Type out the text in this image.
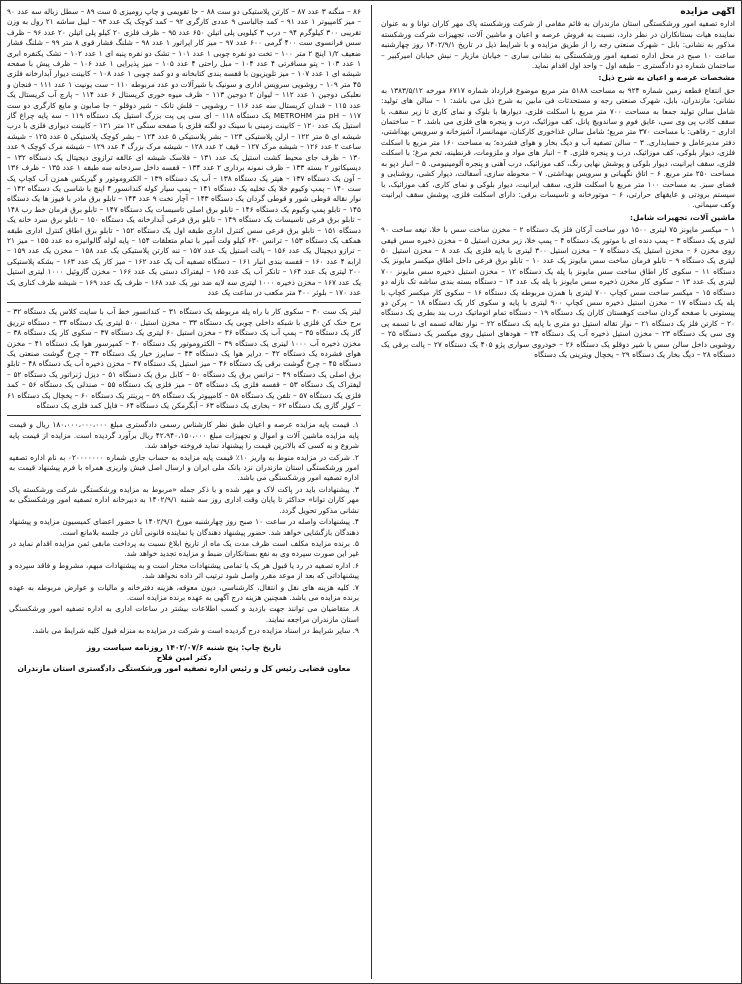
آگهی مزایده
اداره تصفیه امور ورشکستگی استان مازندران به قائم مقامی از شرکت ورشکسته پاک مهر کاران توانا و به عنوان نماینده هیات بستانکاران در نظر دارد، نسبت به فروش عرصه و اعیان و ماشین آلات، تجهیزات شرکت ورشکسته مذکور به نشانی: بابل – شهرک صنعتی رجه را از طریق مزایده و با شرایط ذیل در تاریخ ۱۴۰۲/۹/۱ روز چهارشنبه ساعت ۱۰ صبح در محل اداره تصفیه امور ورشکستگی به نشانی ساری – خیابان مازیار – نبش خیابان امیرکبیر – ساختمان شماره دو دادگستری – طبقه اول – واحد اول اقدام نماید.
مشخصات عرصه و اعیان به شرح ذیل:
حق انتفاع قطعه زمین شماره ۹۲۴ به مساحت ۵۱۸۸ متر مربع موضوع قرارداد شماره ۶۷۱۷ مورخه ۱۳۸۳/۵/۱۲ به نشانی: مازندران، بابل، شهرک صنعتی رجه و مستحدثات فی مابین به شرح ذیل می باشد: ۱ – سالن های تولید: شامل سالن تولید جمعا به مساحت ۷۰۰ متر مربع با اسکلت فلزی، دیوارها با بلوک و نمای کاری تا زیر سقف، با سقف کاذب پی وی سی، عایق فوم و ساندویچ پانل، کف موزائیک، درب و پنجره های فلزی می باشد. ۲ – ساختمان اداری – رفاهی: با مساحت ۳۷۰ متر مربع؛ شامل سالن غذاخوری کارکنان، مهمانسرا، آشپزخانه و سرویس بهداشتی، دفتر مدیرعامل و حسابداری. ۳ – سالن تصفیه آب و دیگ بخار و هوای فشرده؛ به مساحت ۱۶۰ متر مربع با اسکلت فلزی، دیوار بلوکی، کف موزائیک، درب و پنجره فلزی. ۴ – انبار های مواد و ملزومات، قرنطینه، تخم مرغ؛ با اسکلت فلزی، سقف ایرانیت، دیوار بلوکی و پوشش نهایی رنگ، کف موزائیک، درب آهنی و پنجره آلومینیومی. ۵ – انبار دپو به مساحت ۲۵۰ متر مربع. ۶ – اتاق نگهبانی و سرویس بهداشتی. ۷ – محوطه سازی، آسفالت، دیوار کشی، روشنایی و فضای سبز. به مساحت ۱۰۰ متر مربع با اسکلت فلزی، سقف ایرانیت، دیوار بلوکی و نمای کاری، کف موزائیک، با سیستم برودتی و عایقهای حرارتی، ۶ – موتورخانه و تاسیسات برقی: دارای اسکلت فلزی، پوشش سقف ایرانیت وکف سیمانی.
ماشین آلات، تجهیزات شامل:
۱ – میکسر مایونز ۷۵ لیتری ۱۵۰۰ دور ساخت آرکان فلز یک دستگاه ۲ – مخزن ساخت سس با خلا، تیغه ساخت ۹۰ لیتری یک دستگاه ۳ – پمپ دنده ای با موتور یک دستگاه ۴ – پمپ خلا، زیر مخزن استیل ۵ – مخزن ذخیره سس قیفی روی مخزن ۶ – مخزن استیل یک دستگاه ۷ – مخزن استیل ۳۰۰ لیتری با پایه فلزی یک عدد ۸ – مخزن استیل ۵۰ لیتری یک دستگاه ۹ – تابلو فرمان ساخت سس مایونز یک عدد ۱۰ – تابلو برق فرعی داخل اطاق میکسر مایونز یک دستگاه ۱۱ – سکوی کار اطاق ساخت سس مایونز با پله یک دستگاه ۱۲ – مخزن استیل ذخیره سس مایونز ۷۰۰ لیتری یک عدد ۱۳ – سکوی کار مخزن ذخیره سس مایونز با پله یک عدد ۱۴ – دستگاه بسته بندی ساشه تک نازله دو دستگاه ۱۵ – میکسر ساخت سس کچاپ ۷۰۰ لیتری با همزن مربوطه یک دستگاه ۱۶ – سکوی کار میکسر کچاپ با پله یک دستگاه ۱۷ – مخزن استیل ذخیره سس کچاپ ۹۰۰ لیتری با پایه و سکوی کار یک دستگاه ۱۸ – پرکن دو پیستونی با صفحه گردان ساخت کوهستان کاران یک دستگاه ۱۹ – دستگاه تمام اتوماتیک درب بند بطری یک دستگاه ۲۰ – کارتن فلز یک دستگاه ۲۱ – نوار نقاله استیل دو متری با پایه یک دستگاه ۲۲ – نوار نقاله تسمه ای با تسمه پی وی سی یک دستگاه ۲۳ – مخزن استیل ذخیره آب یک دستگاه ۲۴ – هودهای استیل روی میکسر یک دستگاه ۲۵ – روشویی داخل سالن سس با شیر دوقلو یک دستگاه ۲۶ – خودروی سواری پژو ۴۰۵ یک دستگاه ۲۷ – پالت برقی یک دستگاه ۲۸ – دیگ بخار یک دستگاه ۲۹ – یخچال ویترینی یک دستگاه
۸۶ – منگنه ۳ عدد ۸۷ – کارتن پلاستیکی دو ست ۸۸ – جا تقویمی و چاپ رومیزی ۵ ست ۸۹ – سطل زباله سه عدد ۹۰ – میز کامپیوتر ۱ عدد ۹۱ – کمد جالباسی ۹ عددی کارگری ۹۲ – کمد کوچک یک عدد ۹۳ – لیبل ساشه ۲۱ رول به وزن تقریبی ۳۰۰ کیلوگرم ۹۴ – درب ۳ کیلویی پلی اتیلن ۶۵۰ عدد ۹۵ – ظرف فلزی ۲۰ کیلو پلی اتیلن ۲۰ عدد ۹۶ – ظرف سس فرانسوی ست ۴۰۰ گرمی ۶۰۰ عدد ۹۷ – میز کار اپراتور ۱ عدد ۹۸ – شلنگ فشار قوی ۸ متر ۹۹ – شلنگ فشار ضعیف ۱/۲ اینچ ۲ متر ۱۰۰ – تخت دو نفره چوبی ۱ عدد ۱۰۱ – تشک دو نفره پنبه ای ۱ عدد ۱۰۲ – تشک یکنفره ابری ۱ عدد ۱۰۳ – پتو مسافرتی ۴ عدد ۱۰۴ – مبل راحتی ۴ عدد ۱۰۵ – میز پذیرایی ۱ عدد ۱۰۶ – ظرف پیش با صفحه شیشه ای ۱ عدد ۱۰۷ – میز تلویزیون با قفسه بندی کتابخانه و دو کمد چوبی ۱ عدد ۱۰۸ – کابینت دیوار آبدارخانه فلزی ۴۵ متر ۱۰۹ – روشویی سرویس اداری و سونیک با شیرآلات دو عدد مربوطه ۱۱۰ – ست یونیت ۱ عدد ۱۱۱ – فنجان و نعلبکی دوجین ۱ عدد ۱۱۲ – لیوان ۲ دوجین ۱۱۳ – ظرف میوه خوری کریستال ۶ عدد ۱۱۴ – پارچ آب کریستال یک عدد ۱۱۵ – قندان کریستال سه عدد ۱۱۶ – روشویی – قلش تانک – شیر دوقلو – جا صابون و مایع کارگری دو ست ۱۱۷ – pH متر METROHM یک دستگاه ۱۱۸ – ای سی پی پت بزرگ استیل یک دستگاه ۱۱۹ – سه پایه چراغ گاز استیل یک عدد ۱۲۰ – کابینت زمینی با سینک دو لگنه فلزی با صفحه سنگی ۱۲ متر ۱۲۱ – کابینت دیواری فلزی با درب شیشه ای ۵ متر ۱۲۲ – ارلن پلاستیکی ۱۲۳ – بشر پلاستیکی ۵ عدد ۱۲۴ – بشر کوچک پلاستیکی ۵ عدد ۱۲۵ – شیشه ساعت ۲ عدد ۱۲۶ – شیشه مرک ۱۲۷ – قیف ۲ عدد ۱۲۸ – شیشه مرک بزرگ ۴ عدد ۱۲۹ – شیشه مرک کوچک ۹ عدد ۱۳۰ – ظرف جای محیط کشت استیل یک عدد ۱۳۱ – فلاسک شیشه ای عالقه ترازوی دیجیتال یک دستگاه ۱۳۲ – دیسیکاتور ۲ بسته ۱۳۳ – ظرف نمونه برداری ۲ عدد ۱۳۴ – قفسه داخل سردخانه سه طبقه ۱ عدد ۱۳۵ – ظرف ۱۳۶ – آون یک دستگاه ۱۳۷ – هیتر یک دستگاه ۱۳۸ – آب یک دستگاه ۱۳۹ – الکتروموتور و گیربکس همزن آب کچاپ یک ست ۱۴۰ – پمپ وکیوم خلا یک تخلیه یک دستگاه ۱۴۱ – پمپ سیار کوله کندانسور ۴ اینچ با شاسی یک دستگاه ۱۴۲ – نوار نقاله قوطی شور و قوطی گردان یک دستگاه ۱۴۳ – آچار تخت ۹ عدد ۱۴۴ – تابلو برق مادر با فیوز ها یک دستگاه ۱۴۵ – تابلو پمپ وکیوم یک دستگاه ۱۴۶ – تابلو برق اصلی تاسیسات یک دستگاه ۱۴۷ – تابلو برق فرمان خط رب ۱۴۸ – تابلو برق فرعی تاسیسات یک دستگاه ۱۴۹ – تابلو برق فرعی آبدارخانه یک دستگاه ۱۵۰ – تابلو برق سرد خانه یک دستگاه ۱۵۱ – تابلو برق فرعی سس کنترل اداری طبقه اول یک دستگاه ۱۵۲ – تابلو برق اطاق کنترل اداری طبقه همکف یک دستگاه ۱۵۳ – ترانس ۶۳۰ کیلو ولت آمپر با تمام متعلقات ۱۵۴ – پایه لوله گالوانیزه ده عدد ۱۵۵ – میز ۲۱ – ترازو دیجیتال یک عدد ۱۵۶ – پالت استیل یک عدد ۱۵۷ – تنه کارتن پلاستیکی یک عدد ۱۵۸ – مخزن یک عدد ۱۵۹ – ارابه ۴ عدد ۱۶۰ – قفسه بندی انبار ۱۶۱ – دستگاه تصفیه آب یک عدد ۱۶۲ – میز کار یک عدد ۱۶۳ – بشکه پلاستیکی ۲۰۰ لیتری یک عدد ۱۶۴ – تانکر آب یک عدد ۱۶۵ – لیفتراک دستی یک عدد ۱۶۶ – مخزن گازوئیل ۱۰۰۰ لیتری استیل یک عدد ۱۶۷ – مخزن ذخیره ۱۰۰۰ لیتری سه لایه ضد نور یک عدد ۱۶۸ – ظرف یک عدد ۱۶۹ – شیشه ظرف کناری یک عدد ۱۷۰ – بلوئر ۴۰۰ متر مکعب در ساعت یک عدد
لیتر یک ست ۳۰ – سکوی کار با راه پله مربوطه یک دستگاه ۳۱ – کندانسور خط آب با سایت کلاس یک دستگاه ۳۲ – برج خنک کن فلزی با شبکه داخلی چوبی یک دستگاه ۳۳ – مخزن استیل ۵۰۰ لیتری یک دستگاه ۳۴ – دستگاه تزریق گاز یک دستگاه ۳۵ – پمپ آب یک دستگاه ۳۶ – مخزن استیل ۶۰ لیتری یک دستگاه ۳۷ – سکوی کار یک دستگاه ۳۸ – مخزن ذخیره آب ۱۰۰۰ لیتری یک دستگاه ۳۹ – الکتروموتور یک دستگاه ۴۰ – کمپرسور هوا یک دستگاه ۴۱ – مخزن هوای فشرده یک دستگاه ۴۲ – درایر هوا یک دستگاه ۴۳ – سایرز خیار یک دستگاه ۴۴ – چرخ گوشت صنعتی یک دستگاه ۴۵ – چرخ گوشت برقی یک دستگاه ۴۶ – میز استیل یک دستگاه ۴۷ – مخزن ذخیره آب یک دستگاه ۴۸ – تابلو برق اصلی یک دستگاه ۴۹ – ترانس برق یک دستگاه ۵۰ – کابل برق یک دستگاه ۵۱ – دیزل ژنراتور یک دستگاه ۵۲ – لیفتراک یک دستگاه ۵۳ – قفسه فلزی یک دستگاه ۵۴ – میز فلزی یک دستگاه ۵۵ – صندلی یک دستگاه ۵۶ – کمد فلزی یک دستگاه ۵۷ – تلفن یک دستگاه ۵۸ – کامپیوتر یک دستگاه ۵۹ – پرینتر یک دستگاه ۶۰ – یخچال یک دستگاه ۶۱ – کولر گازی یک دستگاه ۶۲ – بخاری یک دستگاه ۶۳ – آبگرمکن یک دستگاه ۶۴ – فایل کمد فلزی یک دستگاه
۱. قیمت پایه مزایده عرصه و اعیان طبق نظر کارشناس رسمی دادگستری مبلغ ۱۸۰،۰۰۰،۰۰۰،۰۰۰ ریال و قیمت پایه مزایده ماشین آلات و اموال و تجهیزات مبلغ ۴۲،۹۴۰،۱۵۰،۰۰۰ ریال برآورد گردیده است. مزایده از قیمت پایه شروع و به کسی که بالاترین قیمت را پیشنهاد نماید فروخته خواهد شد.
۲. شرکت در مزایده منوط به واریز ۱۰٪ قیمت پایه مزایده به حساب جاری شماره ۰۲۰۰۰۰۰۰۰ به نام اداره تصفیه امور ورشکستگی استان مازندران نزد بانک ملی ایران و ارسال اصل فیش واریزی همراه با فرم پیشنهاد قیمت به اداره تصفیه امور ورشکستگی می باشد.
۳. پیشنهادات باید در پاکت لاک و مهر شده و با ذکر جمله «مربوط به مزایده ورشکستگی شرکت ورشکسته پاک مهر کاران توانا» حداکثر تا پایان وقت اداری روز سه شنبه ۱۴۰۲/۹/۱ به دبیرخانه اداره تصفیه امور ورشکستگی به نشانی مذکور تحویل گردد.
۴. پیشنهادات واصله در ساعت ۱۰ صبح روز چهارشنبه مورخ ۱۴۰۲/۹/۱ با حضور اعضای کمیسیون مزایده و پیشنهاد دهندگان بازگشایی خواهد شد. حضور پیشنهاد دهندگان یا نماینده قانونی آنان در جلسه بلامانع است.
۵. برنده مزایده مکلف است ظرف مدت یک ماه از تاریخ ابلاغ نسبت به پرداخت مابقی ثمن مزایده اقدام نماید در غیر این صورت سپرده وی به نفع بستانکاران ضبط و مزایده تجدید خواهد شد.
۶. اداره تصفیه در رد یا قبول هر یک یا تمامی پیشنهادات مختار است و به پیشنهادات مبهم، مشروط و فاقد سپرده و پیشنهاداتی که بعد از موعد مقرر واصل شود ترتیب اثر داده نخواهد شد.
۷. کلیه هزینه های نقل و انتقال، کارشناسی، دیون معوقه، هزینه دفترخانه و مالیات و عوارض مربوطه به عهده برنده مزایده می باشد. همچنین هزینه درج آگهی به عهده برنده مزایده است.
۸. متقاضیان می توانند جهت بازدید و کسب اطلاعات بیشتر در ساعات اداری به اداره تصفیه امور ورشکستگی استان مازندران مراجعه نمایند.
۹. سایر شرایط در اسناد مزایده درج گردیده است و شرکت در مزایده به منزله قبول کلیه شرایط می باشد.
تاریخ چاپ: پنج شنبه ۱۴۰۲/۰۷/۶ روزنامه سیاست روز
دکتر امین فلاح
معاون قضایی رئیس کل و رئیس اداره تصفیه امور ورشکستگی دادگستری استان مازندران
